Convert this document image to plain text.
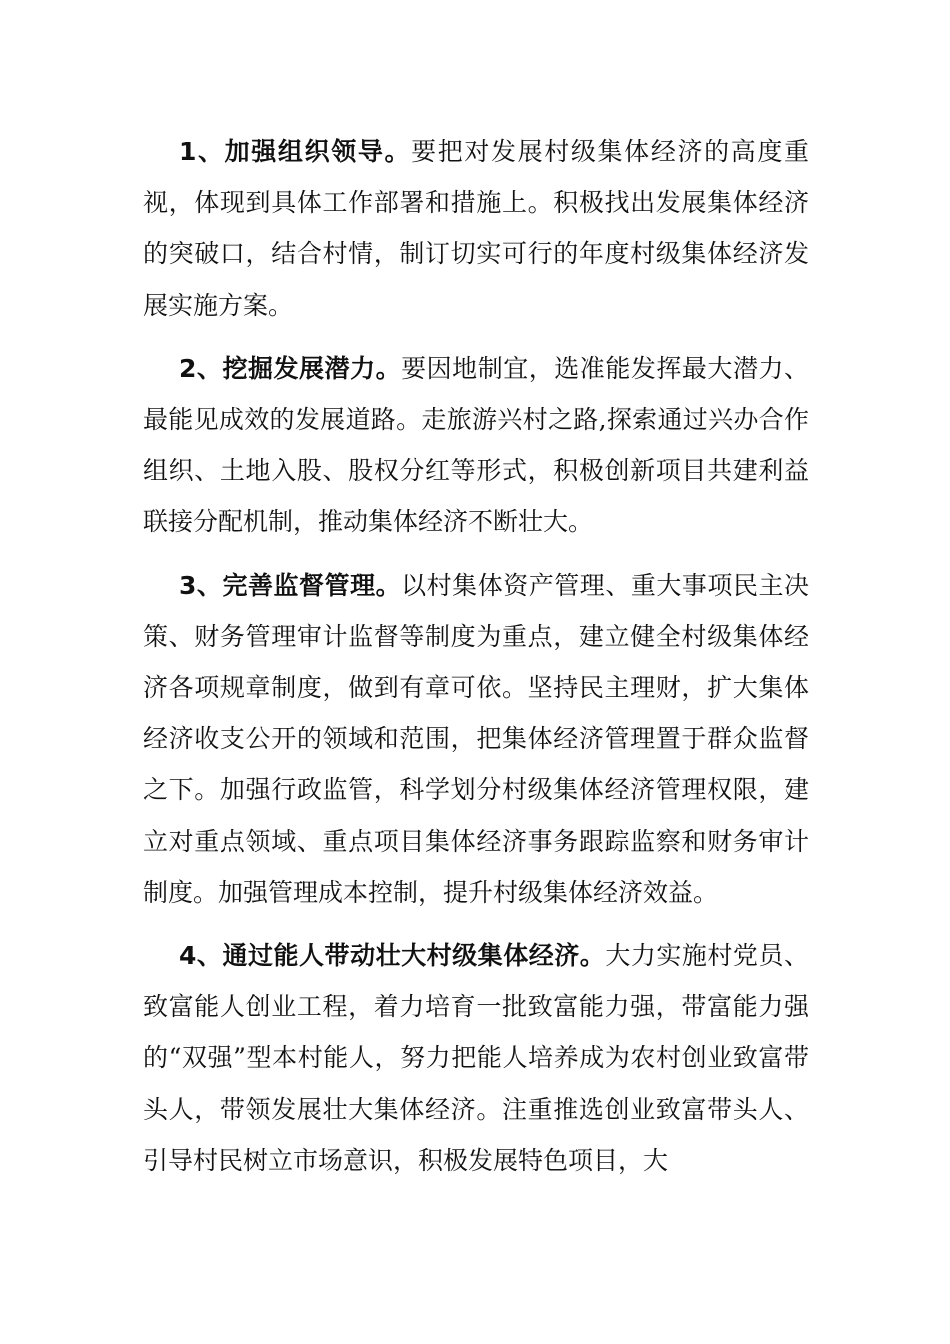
1、加强组织领导。要把对发展村级集体经济的高度重视，体现到具体工作部署和措施上。积极找出发展集体经济的突破口，结合村情，制订切实可行的年度村级集体经济发展实施方案。

2、挖掘发展潜力。要因地制宜，选准能发挥最大潜力、最能见成效的发展道路。走旅游兴村之路,探索通过兴办合作组织、土地入股、股权分红等形式，积极创新项目共建利益联接分配机制，推动集体经济不断壮大。

3、完善监督管理。以村集体资产管理、重大事项民主决策、财务管理审计监督等制度为重点，建立健全村级集体经济各项规章制度，做到有章可依。坚持民主理财，扩大集体经济收支公开的领域和范围，把集体经济管理置于群众监督之下。加强行政监管，科学划分村级集体经济管理权限，建立对重点领域、重点项目集体经济事务跟踪监察和财务审计制度。加强管理成本控制，提升村级集体经济效益。

4、通过能人带动壮大村级集体经济。大力实施村党员、致富能人创业工程，着力培育一批致富能力强，带富能力强的“双强”型本村能人，努力把能人培养成为农村创业致富带头人，带领发展壮大集体经济。注重推选创业致富带头人、引导村民树立市场意识，积极发展特色项目，大
